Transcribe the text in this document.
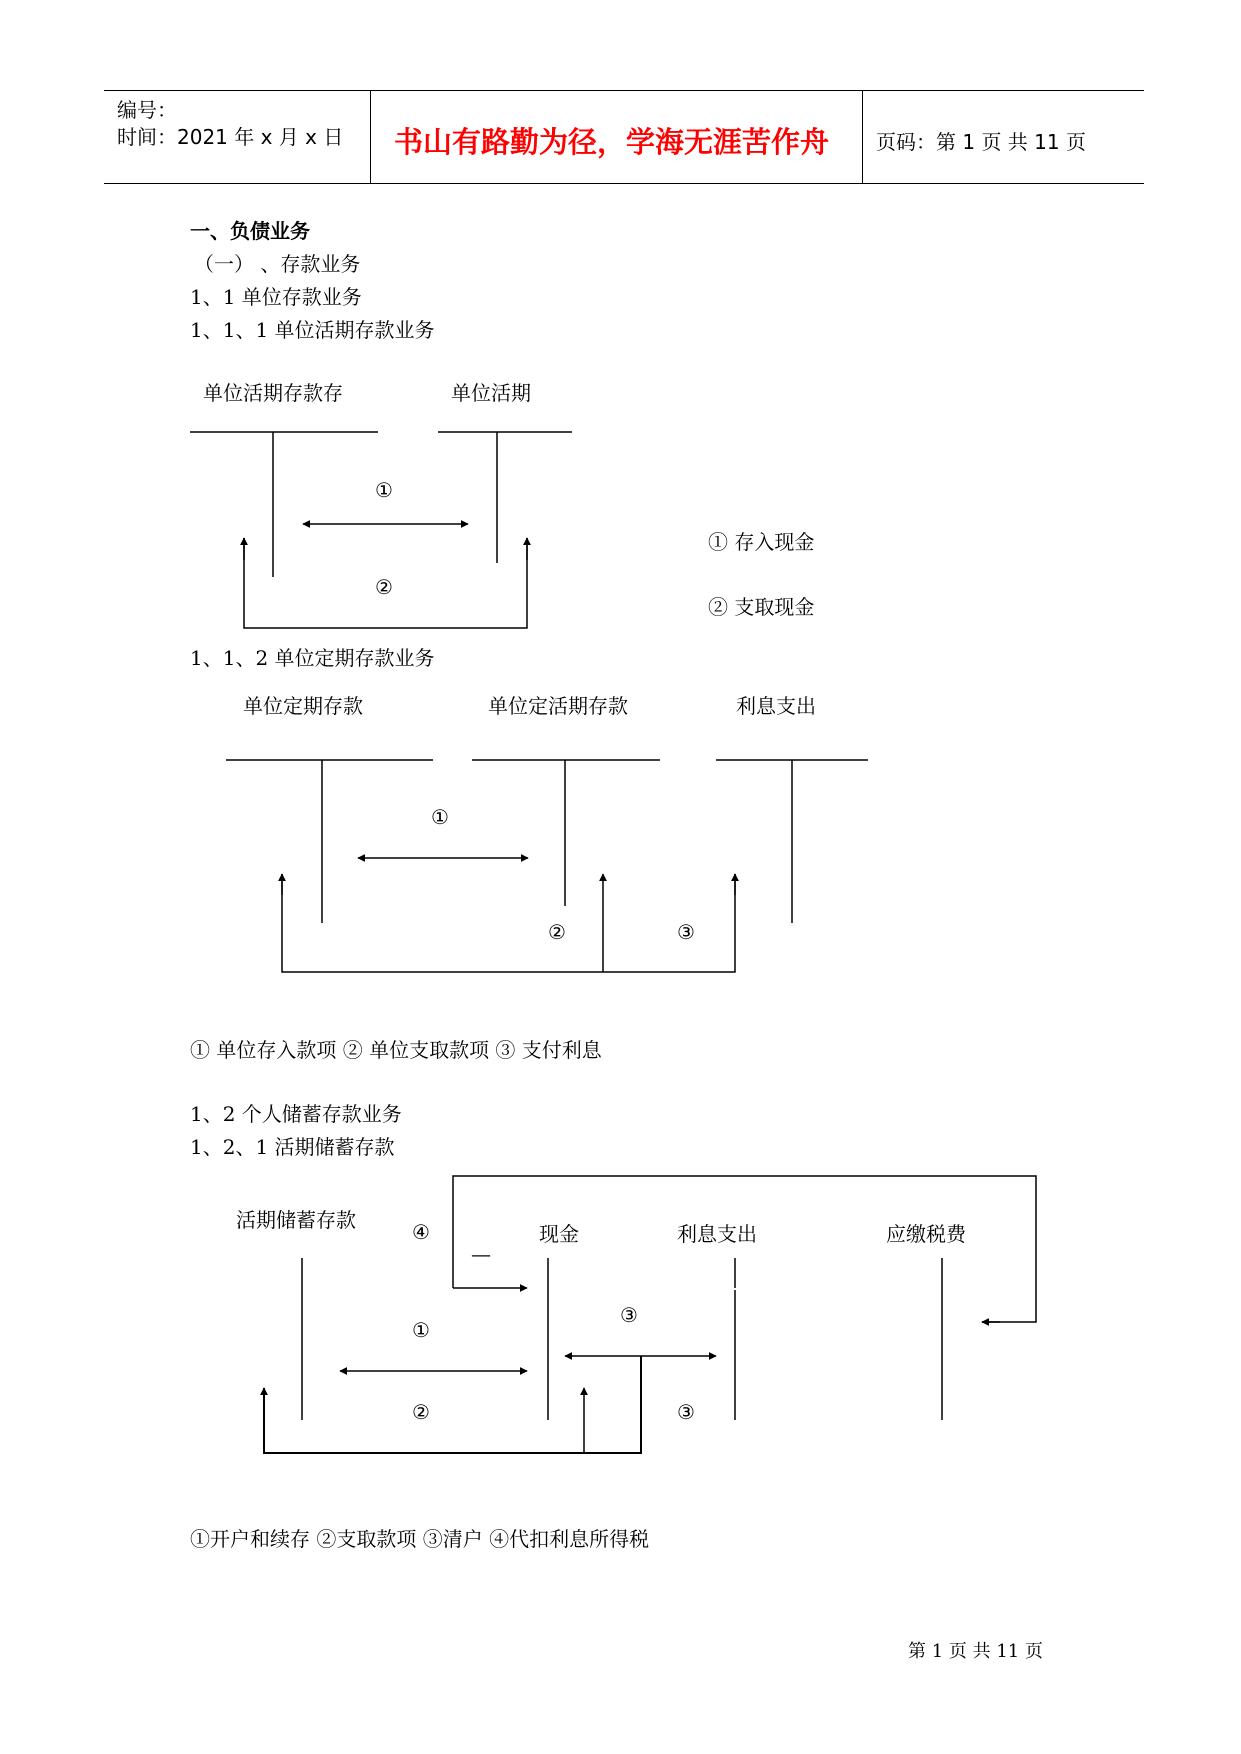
编号：
时间：2021 年 x 月 x 日 书山有路勤为径，学海无涯苦作舟 页码：第 1 页 共 11 页
一、负债业务
（一） 、存款业务
1、1 单位存款业务
1、1、1 单位活期存款业务
单位活期存款存	单位活期
①
②
① 存入现金
② 支取现金
1、1、2 单位定期存款业务
单位定期存款	单位定活期存款	利息支出
①
②	③
① 单位存入款项 ② 单位支取款项 ③ 支付利息
1、2 个人储蓄存款业务
1、2、1 活期储蓄存款
活期储蓄存款
现金	利息支出	应缴税费
④
—
①
②
③
③
①开户和续存 ②支取款项 ③清户 ④代扣利息所得税
第 1 页 共 11 页
